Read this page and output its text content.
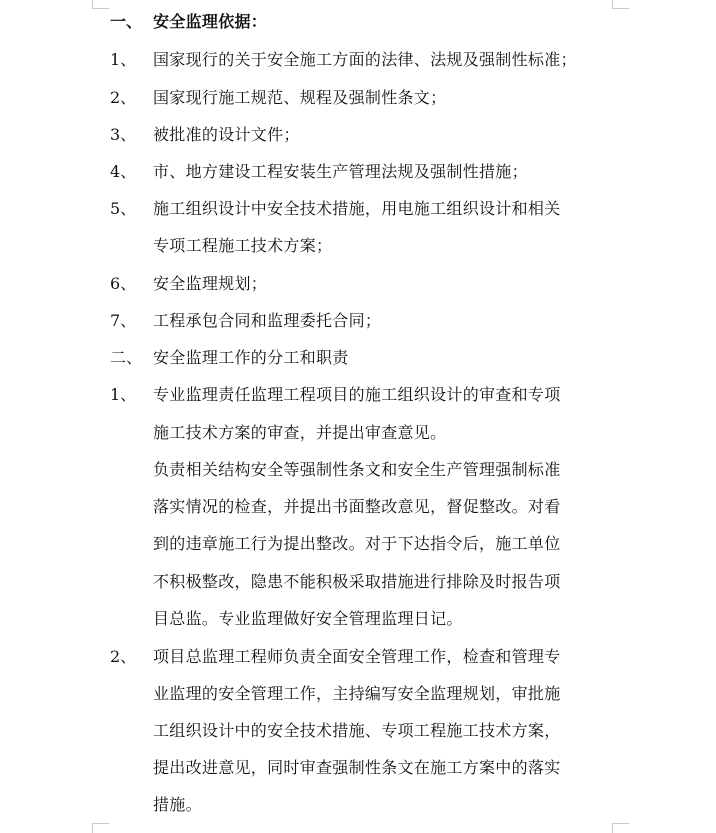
一、 安全监理依据：
1、 国家现行的关于安全施工方面的法律、法规及强制性标准；
2、 国家现行施工规范、规程及强制性条文；
3、 被批准的设计文件；
4、 市、地方建设工程安装生产管理法规及强制性措施；
5、 施工组织设计中安全技术措施，用电施工组织设计和相关
专项工程施工技术方案；
6、 安全监理规划；
7、 工程承包合同和监理委托合同；
二、 安全监理工作的分工和职责
1、 专业监理责任监理工程项目的施工组织设计的审查和专项
施工技术方案的审查，并提出审查意见。
负责相关结构安全等强制性条文和安全生产管理强制标准
落实情况的检查，并提出书面整改意见，督促整改。对看
到的违章施工行为提出整改。对于下达指令后，施工单位
不积极整改，隐患不能积极采取措施进行排除及时报告项
目总监。专业监理做好安全管理监理日记。
2、 项目总监理工程师负责全面安全管理工作，检查和管理专
业监理的安全管理工作，主持编写安全监理规划，审批施
工组织设计中的安全技术措施、专项工程施工技术方案，
提出改进意见，同时审查强制性条文在施工方案中的落实
措施。
